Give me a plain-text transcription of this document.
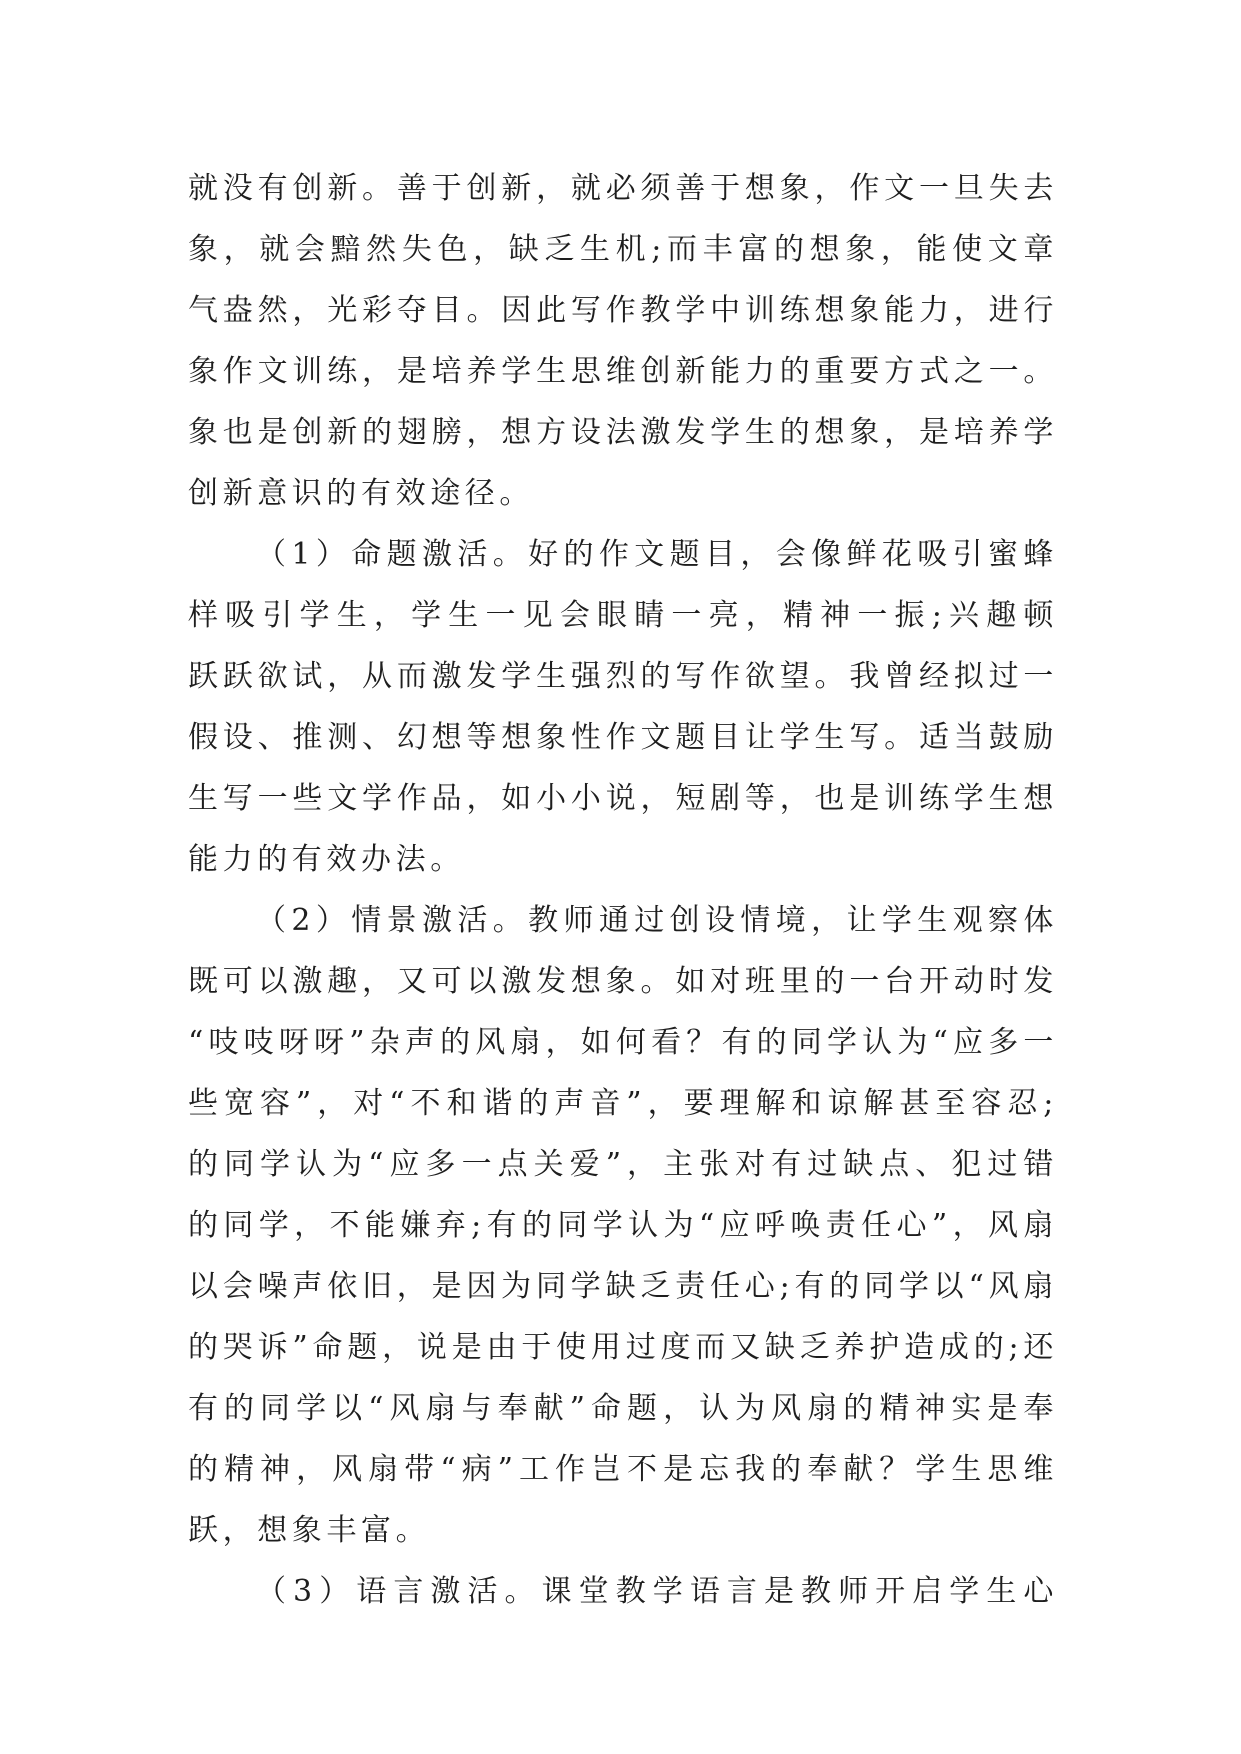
就没有创新。善于创新，就必须善于想象，作文一旦失去
象，就会黯然失色，缺乏生机;而丰富的想象，能使文章
气盎然，光彩夺目。因此写作教学中训练想象能力，进行
象作文训练，是培养学生思维创新能力的重要方式之一。
象也是创新的翅膀，想方设法激发学生的想象，是培养学
创新意识的有效途径。
（1）命题激活。好的作文题目，会像鲜花吸引蜜蜂
样吸引学生，学生一见会眼睛一亮，精神一振;兴趣顿
跃跃欲试，从而激发学生强烈的写作欲望。我曾经拟过一
假设、推测、幻想等想象性作文题目让学生写。适当鼓励
生写一些文学作品，如小小说，短剧等，也是训练学生想
能力的有效办法。
（2）情景激活。教师通过创设情境，让学生观察体
既可以激趣，又可以激发想象。如对班里的一台开动时发
“吱吱呀呀”杂声的风扇，如何看？有的同学认为“应多一
些宽容”，对“不和谐的声音”，要理解和谅解甚至容忍;
的同学认为“应多一点关爱”，主张对有过缺点、犯过错
的同学，不能嫌弃;有的同学认为“应呼唤责任心”，风扇
以会噪声依旧，是因为同学缺乏责任心;有的同学以“风扇
的哭诉”命题，说是由于使用过度而又缺乏养护造成的;还
有的同学以“风扇与奉献”命题，认为风扇的精神实是奉
的精神，风扇带“病”工作岂不是忘我的奉献？学生思维
跃，想象丰富。
（3）语言激活。课堂教学语言是教师开启学生心
